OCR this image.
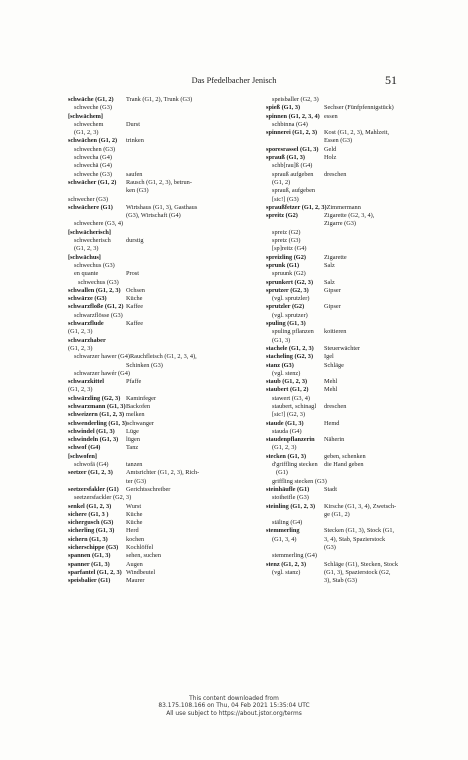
Das Pfedelbacher Jenisch	51
schwäche (G1, 2)	Trank (G1, 2), Trunk (G3)
schweche (G3)
[schwächem]
schwechem	Durst
(G1, 2, 3)
schwächen (G1, 2)	trinken
schwechen (G3)
schwecha (G4)
schwechä (G4)
schweche (G3)	saufen
schwächer (G1, 2)	Rausch (G1, 2, 3), betrun-
ken (G3)
schwecher (G3)
schwächere (G1)	Wirtshaus (G1, 3), Gasthaus
(G3), Wirtschaft (G4)
schwechere (G3, 4)
[schwächerisch]
schwecherisch	durstig
(G1, 2, 3)
[schwächus]
schwechus (G3)
en quante	Prost
schwechus (G3)
schwallen (G1, 2, 3) Ochsen
schwärze (G3)	Küche
schwarzfloße (G1, 2) Kaffee
schwarzflösse (G3)
schwarzflude	Kaffee
(G1, 2, 3)
schwarzhaber
(G1, 2, 3)
schwarzer hawer (G4) Rauchfleisch (G1, 2, 3, 4),
Schinken (G3)
schwarzer hawér (G4)
schwarzkittel	Pfaffe
(G1, 2, 3)
schwärzling (G2, 3) Kaminfeger
schwarzmann (G1, 3) Backofen
schweizern (G1, 2, 3) melken
schwenderling (G1, 3) schwanger
schwindel (G1, 3)	Lüge
schwindeln (G1, 3)	lügen
schwof (G4)	Tanz
[schwofen]
schwofä (G4)	tanzen
seetzer (G1, 2, 3)	Amtsrichter (G1, 2, 3), Rich-
ter (G3)
seetzersfakler (G1)	Gerichtsschreiber
seetzersfackler (G2, 3)
senkel (G1, 2, 3)	Wurst
sichere (G1, 3 )	Küche
sichergusch (G3)	Küche
sicherling (G1, 3)	Herd
sichern (G1, 3)	kochen
sicherschippe (G3)	Kochlöffel
spannen (G1, 3)	sehen, suchen
spanner (G1, 3)	Augen
sparfantel (G1, 2, 3) Windbeutel
speisbalier (G1)	Maurer
speisballer (G2, 3)
spieß (G1, 3)	Sechser (Fünfpfennigstück)
spinnen (G1, 2, 3, 4) essen
schbinna (G4)
spinnerei (G1, 2, 3)	Kost (G1, 2, 3), Mahlzeit,
Essen (G3)
sporesrassel (G1, 3) Geld
sprauß (G1, 3)	Holz
schb[rau]ß (G4)
sprauß aufgeben	dreschen
(G1, 2)
sprauß, aufgeben
[sic!] (G3)
spraußfetzer (G1, 2, 3) Zimmermann
spreitz (G2)	Zigarette (G2, 3, 4),
Zigarre (G3)
spreiz (G2)
spretz (G3)
[sp]reitz (G4)
spreizling (G2)	Zigarette
sprunk (G1)	Salz
spruunk (G2)
sprunkert (G2, 3)	Salz
sprutzer (G2, 3)	Gipser
(vgl. sprutzler)
sprutzler (G2)	Gipser
(vgl. sprutzer)
spuling (G1, 3)
spuling pflanzen	koitieren
(G1, 3)
stachele (G1, 2, 3)	Steuerwächter
stacheling (G2, 3)	Igel
stanz (G3)	Schläge
(vgl. stenz)
staub (G1, 2, 3)	Mehl
staubert (G1, 2)	Mehl
stawert (G3, 4)
staubert, schinagl	dreschen
[sic!] (G2, 3)
staude (G1, 3)	Hemd
stauda (G4)
staudenpflanzerin	Näherin
(G1, 2, 3)
stecken (G1, 3)	geben, schenken
d'griffling stecken	die Hand geben
(G1)
griffling stecken (G3)
steinhäufle (G1)	Stadt
stoiheifle (G3)
steinling (G1, 2, 3)	Kirsche (G1, 3, 4), Zwetsch-
ge (G1, 2)
stäling (G4)
stemmerling	Stecken (G1, 3), Stock (G1,
(G1, 3, 4)	3, 4), Stab, Spazierstock
(G3)
stemmerling (G4)
stenz (G1, 2, 3)	Schläge (G1), Stecken, Stock
(vgl. stanz)	(G1, 3), Spazierstock (G2,
3), Stab (G3)
This content downloaded from
83.175.108.166 on Thu, 04 Feb 2021 15:35:04 UTC
All use subject to https://about.jstor.org/terms
